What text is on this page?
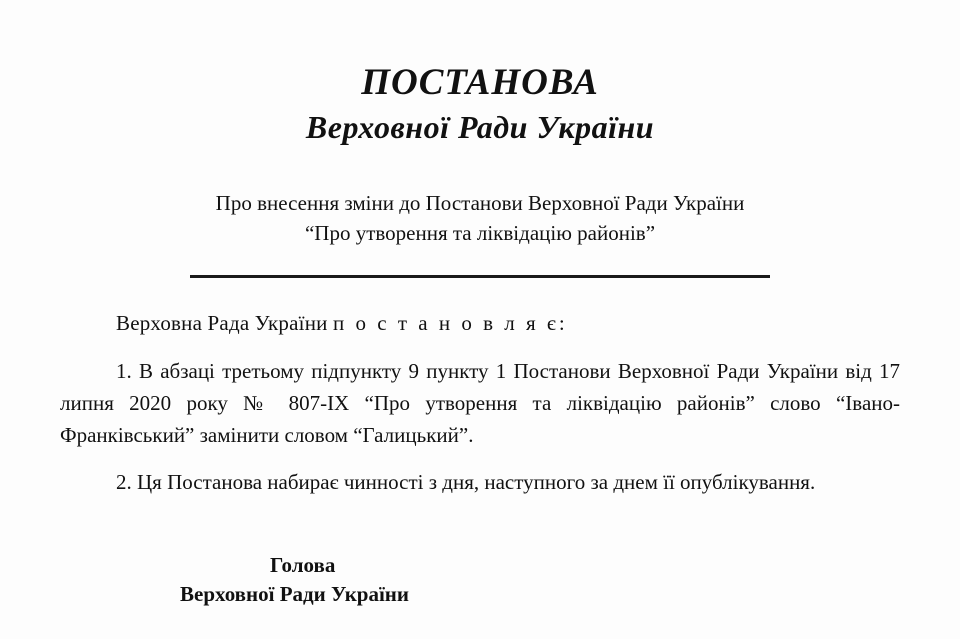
ПОСТАНОВА
Верховної Ради України
Про внесення зміни до Постанови Верховної Ради України
“Про утворення та ліквідацію районів”

Верховна Рада України п о с т а н о в л я є:

1. В абзаці третьому підпункту 9 пункту 1 Постанови Верховної Ради України від 17 липня 2020 року № 807-IX “Про утворення та ліквідацію районів” слово “Івано-Франківський” замінити словом “Галицький”.

2. Ця Постанова набирає чинності з дня, наступного за днем її опублікування.

Голова
Верховної Ради України
